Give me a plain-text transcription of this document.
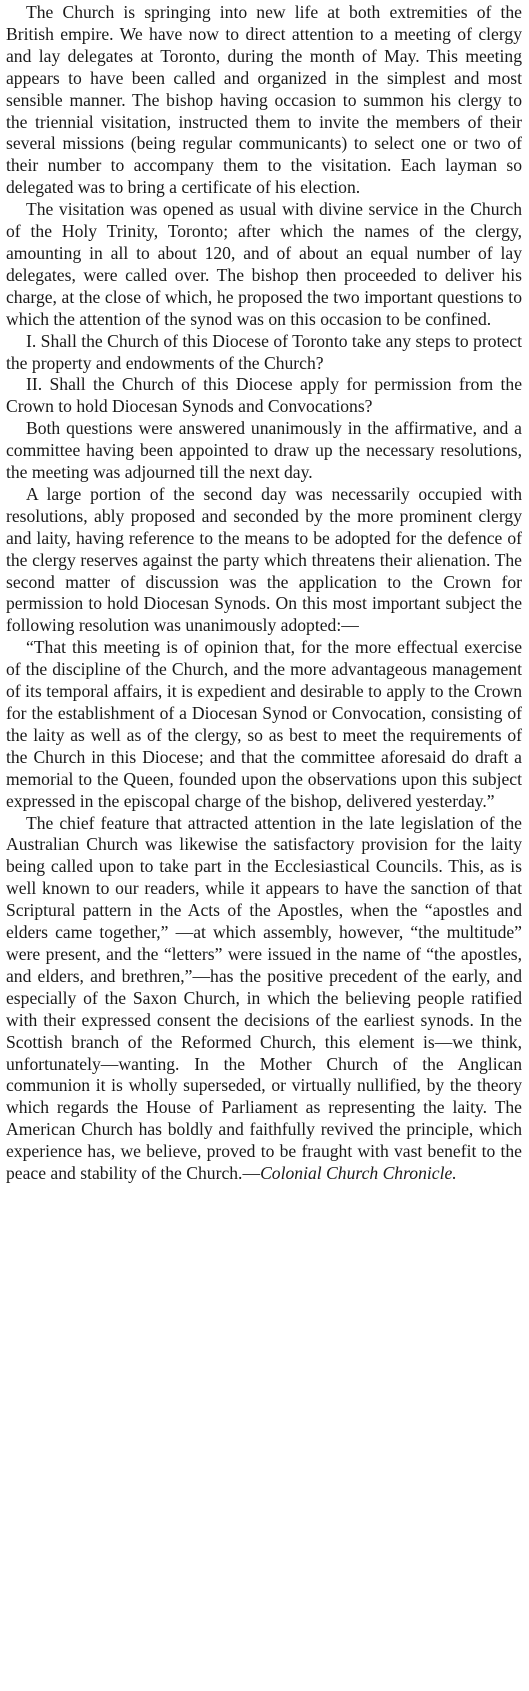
The Church is springing into new life at both extremities of the British empire. We have now to direct attention to a meeting of clergy and lay delegates at Toronto, during the month of May. This meeting appears to have been called and organized in the simplest and most sensible manner. The bishop having occasion to summon his clergy to the triennial visitation, instructed them to invite the members of their several missions (being regular communicants) to select one or two of their number to accompany them to the visitation. Each layman so delegated was to bring a certificate of his election.

The visitation was opened as usual with divine service in the Church of the Holy Trinity, Toronto; after which the names of the clergy, amounting in all to about 120, and of about an equal number of lay delegates, were called over. The bishop then proceeded to deliver his charge, at the close of which, he proposed the two important questions to which the attention of the synod was on this occasion to be confined.

I. Shall the Church of this Diocese of Toronto take any steps to protect the property and endowments of the Church?

II. Shall the Church of this Diocese apply for permission from the Crown to hold Diocesan Synods and Convocations?

Both questions were answered unanimously in the affirmative, and a committee having been appointed to draw up the necessary resolutions, the meeting was adjourned till the next day.

A large portion of the second day was necessarily occupied with resolutions, ably proposed and seconded by the more prominent clergy and laity, having reference to the means to be adopted for the defence of the clergy reserves against the party which threatens their alienation. The second matter of discussion was the application to the Crown for permission to hold Diocesan Synods. On this most important subject the following resolution was unanimously adopted:—

“That this meeting is of opinion that, for the more effectual exercise of the discipline of the Church, and the more advantageous management of its temporal affairs, it is expedient and desirable to apply to the Crown for the establishment of a Diocesan Synod or Convocation, consisting of the laity as well as of the clergy, so as best to meet the requirements of the Church in this Diocese; and that the committee aforesaid do draft a memorial to the Queen, founded upon the observations upon this subject expressed in the episcopal charge of the bishop, delivered yesterday.”

The chief feature that attracted attention in the late legislation of the Australian Church was likewise the satisfactory provision for the laity being called upon to take part in the Ecclesiastical Councils. This, as is well known to our readers, while it appears to have the sanction of that Scriptural pattern in the Acts of the Apostles, when the “apostles and elders came together,” —at which assembly, however, “the multitude” were present, and the “letters” were issued in the name of “the apostles, and elders, and brethren,”—has the positive precedent of the early, and especially of the Saxon Church, in which the believing people ratified with their expressed consent the decisions of the earliest synods. In the Scottish branch of the Reformed Church, this element is—we think, unfortunately—wanting. In the Mother Church of the Anglican communion it is wholly superseded, or virtually nullified, by the theory which regards the House of Parliament as representing the laity. The American Church has boldly and faithfully revived the principle, which experience has, we believe, proved to be fraught with vast benefit to the peace and stability of the Church.—Colonial Church Chronicle.
